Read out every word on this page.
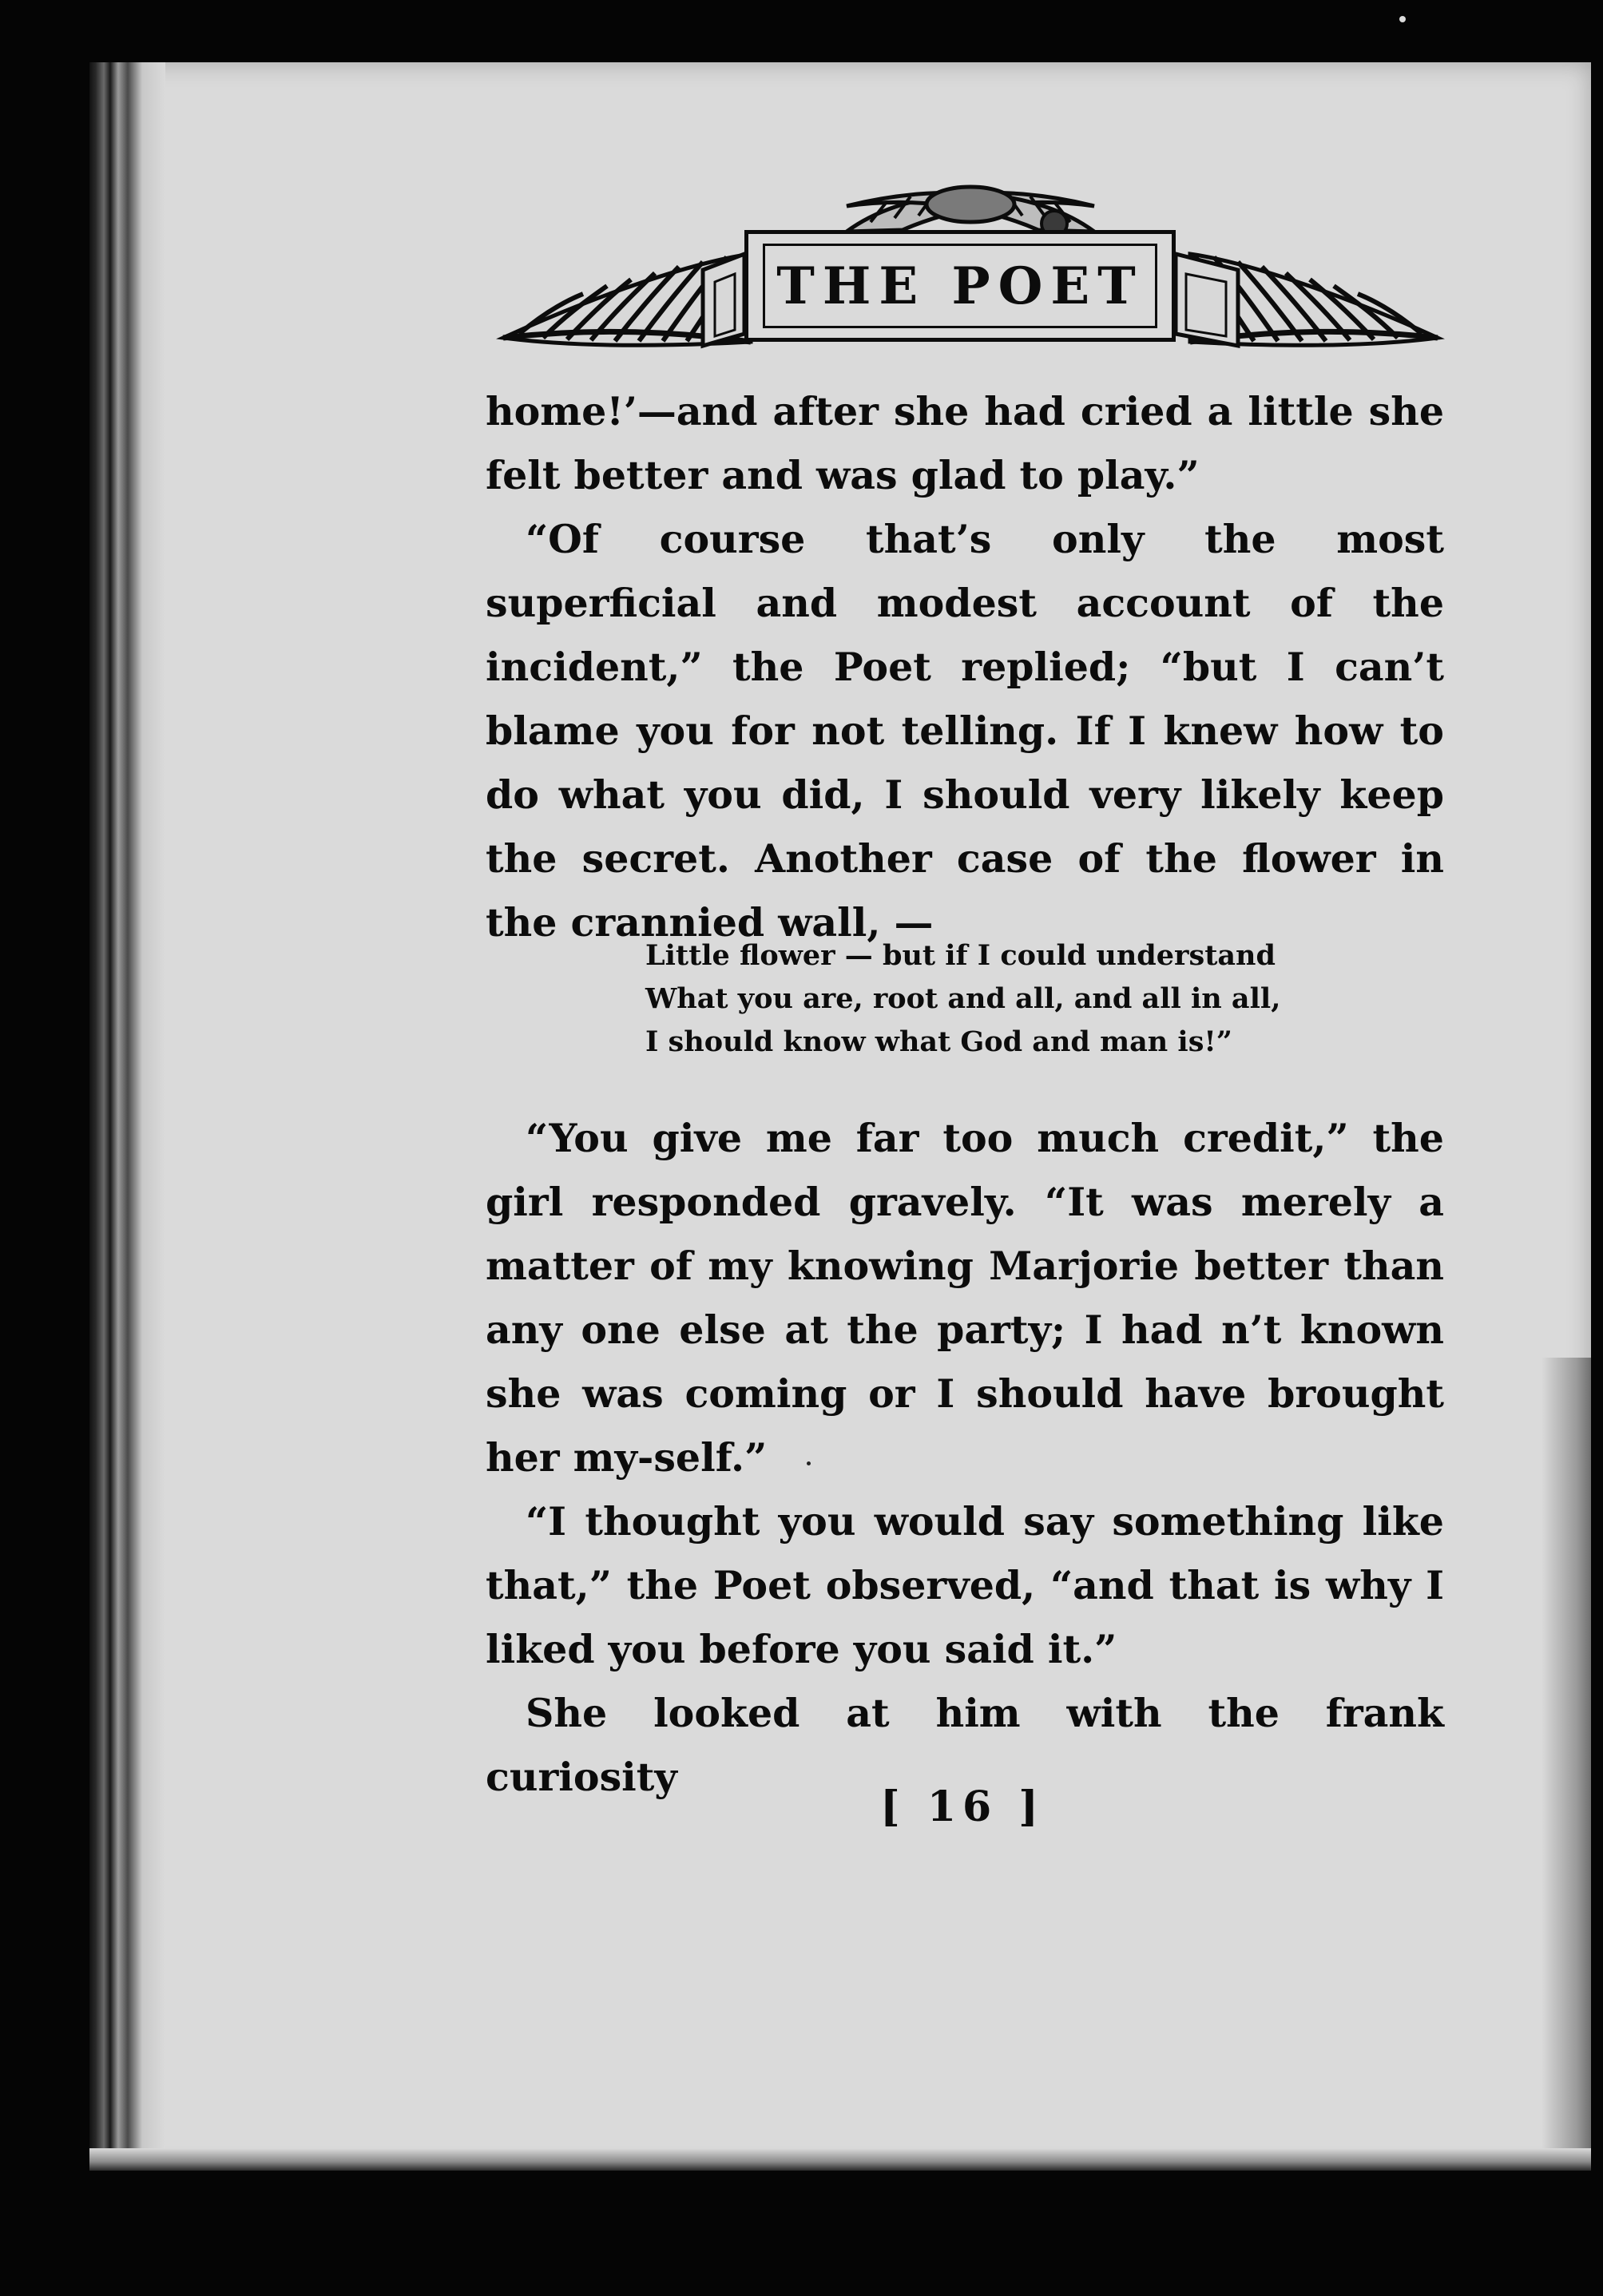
THE POET

home!’—and after she had cried a little she felt better and was glad to play.”

“Of course that’s only the most superficial and modest account of the incident,” the Poet replied; “but I can’t blame you for not telling. If I knew how to do what you did, I should very likely keep the secret. Another case of the flower in the crannied wall, —

Little flower — but if I could understand
What you are, root and all, and all in all,
I should know what God and man is!”

“You give me far too much credit,” the girl responded gravely. “It was merely a matter of my knowing Marjorie better than any one else at the party; I had n’t known she was coming or I should have brought her my-self.”

“I thought you would say something like that,” the Poet observed, “and that is why I liked you before you said it.”

She looked at him with the frank curiosity

[ 16 ]
